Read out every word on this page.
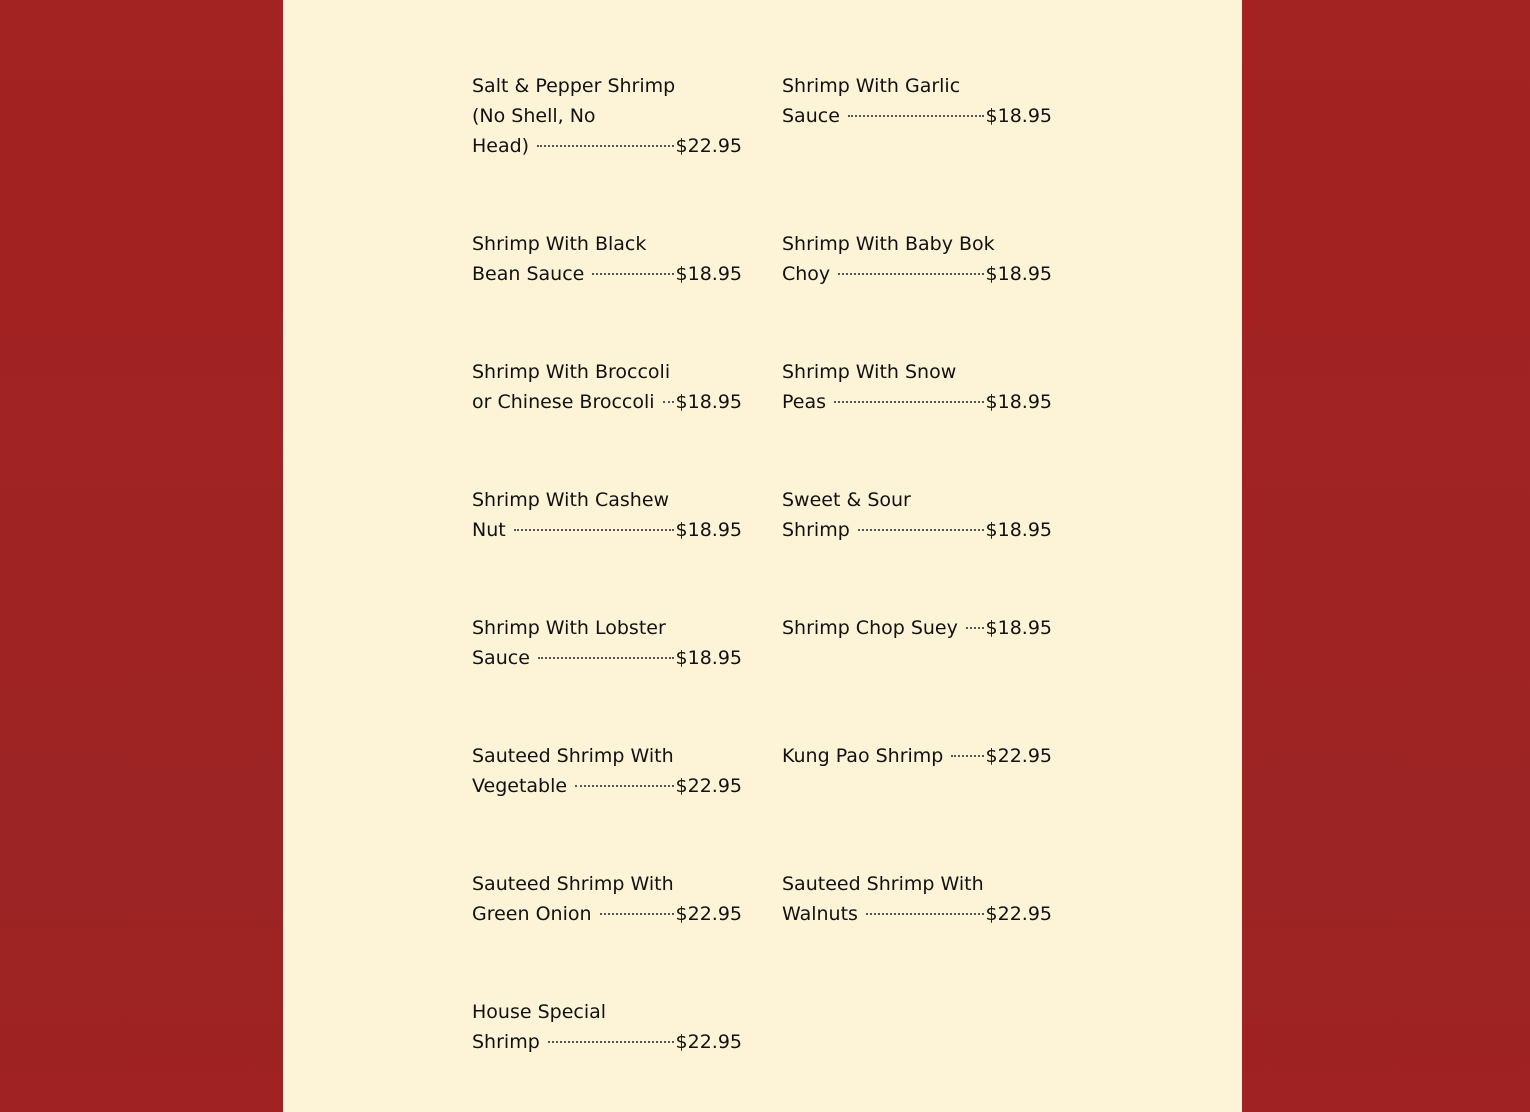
Salt & Pepper Shrimp
(No Shell, No
Head)	$22.95
Shrimp With Garlic
Sauce	$18.95
Shrimp With Black
Bean Sauce	$18.95
Shrimp With Baby Bok
Choy	$18.95
Shrimp With Broccoli
or Chinese Broccoli $18.95
Shrimp With Snow
Peas	$18.95
Shrimp With Cashew
Nut	$18.95
Sweet & Sour
Shrimp	$18.95
Shrimp With Lobster
Sauce	$18.95
Shrimp Chop Suey $18.95
Sauteed Shrimp With
Vegetable	$22.95
Kung Pao Shrimp $22.95
Sauteed Shrimp With
Green Onion	$22.95
Sauteed Shrimp With
Walnuts	$22.95
House Special
Shrimp	$22.95
